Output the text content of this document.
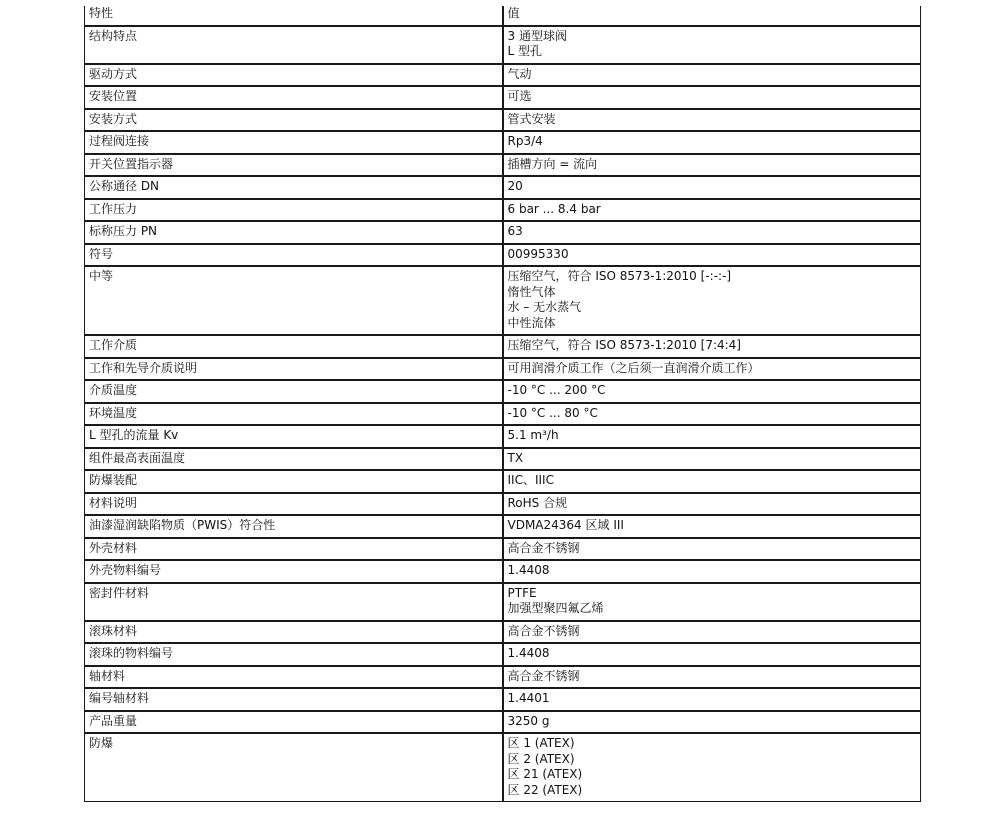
特性	值
结构特点	3 通型球阀
L 型孔

驱动方式	气动

安装位置	可选

安装方式	管式安装

过程阀连接	Rp3/4

开关位置指示器	插槽方向 = 流向

公称通径 DN	20

工作压力	6 bar ... 8.4 bar

标称压力 PN	63

符号	00995330

中等	压缩空气，符合 ISO 8573-1:2010 [-:-:-]
惰性气体
水 – 无水蒸气
中性流体

工作介质	压缩空气，符合 ISO 8573-1:2010 [7:4:4]

工作和先导介质说明	可用润滑介质工作（之后须一直润滑介质工作）

介质温度	-10 °C ... 200 °C

环境温度	-10 °C ... 80 °C

L 型孔的流量 Kv	5.1 m³/h

组件最高表面温度	TX

防爆装配	IIC、IIIC

材料说明	RoHS 合规

油漆湿润缺陷物质（PWIS）符合性	VDMA24364 区域 III

外壳材料	高合金不锈钢

外壳物料编号	1.4408

密封件材料	PTFE
加强型聚四氟乙烯

滚珠材料	高合金不锈钢

滚珠的物料编号	1.4408

轴材料	高合金不锈钢

编号轴材料	1.4401

产品重量	3250 g

防爆	区 1 (ATEX)
区 2 (ATEX)
区 21 (ATEX)
区 22 (ATEX)
